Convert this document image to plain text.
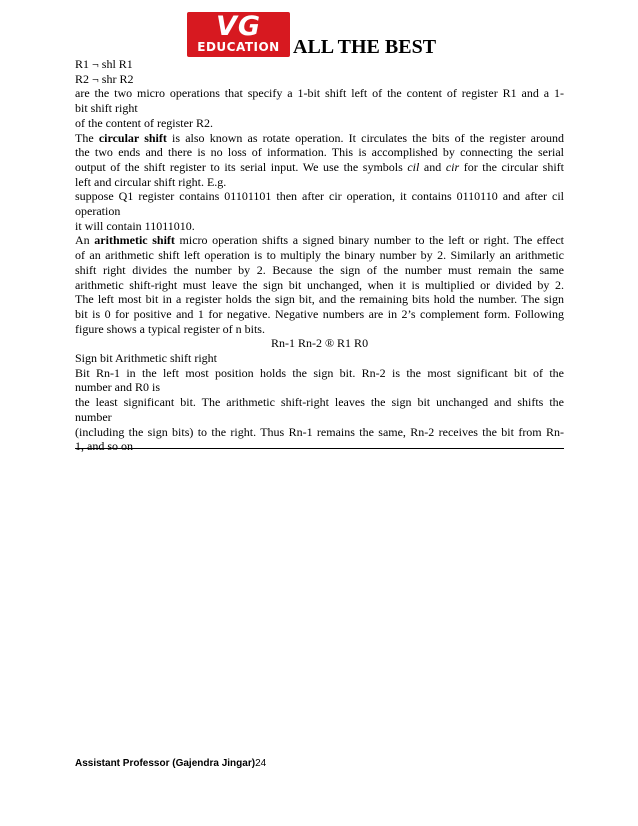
VG
EDUCATION ALL THE BEST

R1 ¬ shl R1

R2 ¬ shr R2

are the two micro operations that specify a 1-bit shift left of the content of register R1 and a 1-

bit shift right

of the content of register R2.

The circular shift is also known as rotate operation. It circulates the bits of the register around

the two ends and there is no loss of information. This is accomplished by connecting the serial

output of the shift register to its serial input. We use the symbols cil and cir for the circular shift

left and circular shift right. E.g.

suppose Q1 register contains 01101101 then after cir operation, it contains 0110110 and after cil

operation

it will contain 11011010.

An arithmetic shift micro operation shifts a signed binary number to the left or right. The effect

of an arithmetic shift left operation is to multiply the binary number by 2. Similarly an arithmetic

shift right divides the number by 2. Because the sign of the number must remain the same

arithmetic shift-right must leave the sign bit unchanged, when it is multiplied or divided by 2.

The left most bit in a register holds the sign bit, and the remaining bits hold the number. The sign

bit is 0 for positive and 1 for negative. Negative numbers are in 2’s complement form. Following

figure shows a typical register of n bits.

Rn-1 Rn-2 ® R1 R0

Sign bit Arithmetic shift right

Bit Rn-1 in the left most position holds the sign bit. Rn-2 is the most significant bit of the

number and R0 is

the least significant bit. The arithmetic shift-right leaves the sign bit unchanged and shifts the

number

(including the sign bits) to the right. Thus Rn-1 remains the same, Rn-2 receives the bit from Rn-

1, and so on

Assistant Professor (Gajendra Jingar)24
